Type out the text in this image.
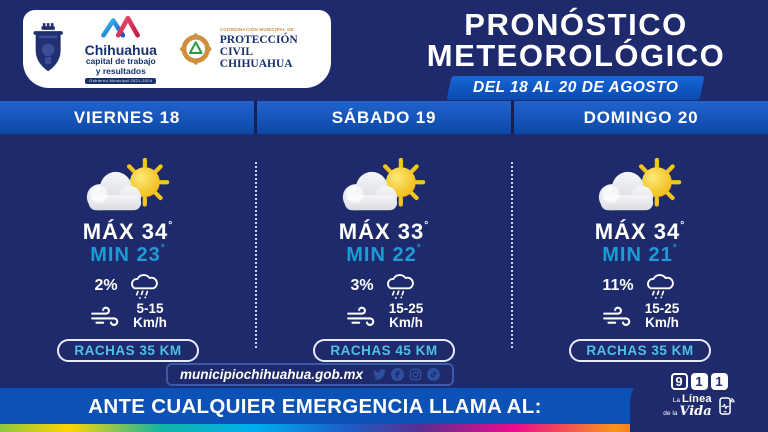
Chihuahua
capital de trabajo
y resultados
Gobierno Municipal 2021-2024
COORDINACIÓN MUNICIPAL DE
PROTECCIÓN CIVIL
CHIHUAHUA
PRONÓSTICO
METEOROLÓGICO
DEL 18 AL 20 DE AGOSTO
VIERNES 18	SÁBADO 19	DOMINGO 20
MÁX 34°
MIN 23°
2%
5-15
Km/h
RACHAS 35 KM
MÁX 33°
MIN 22°
3%
15-25
Km/h
RACHAS 45 KM
MÁX 34°
MIN 21°
11%
15-25
Km/h
RACHAS 35 KM
municipiochihuahua.gob.mx
ANTE CUALQUIER EMERGENCIA LLAMA AL:
9 1 1
La Línea
de la Vida
